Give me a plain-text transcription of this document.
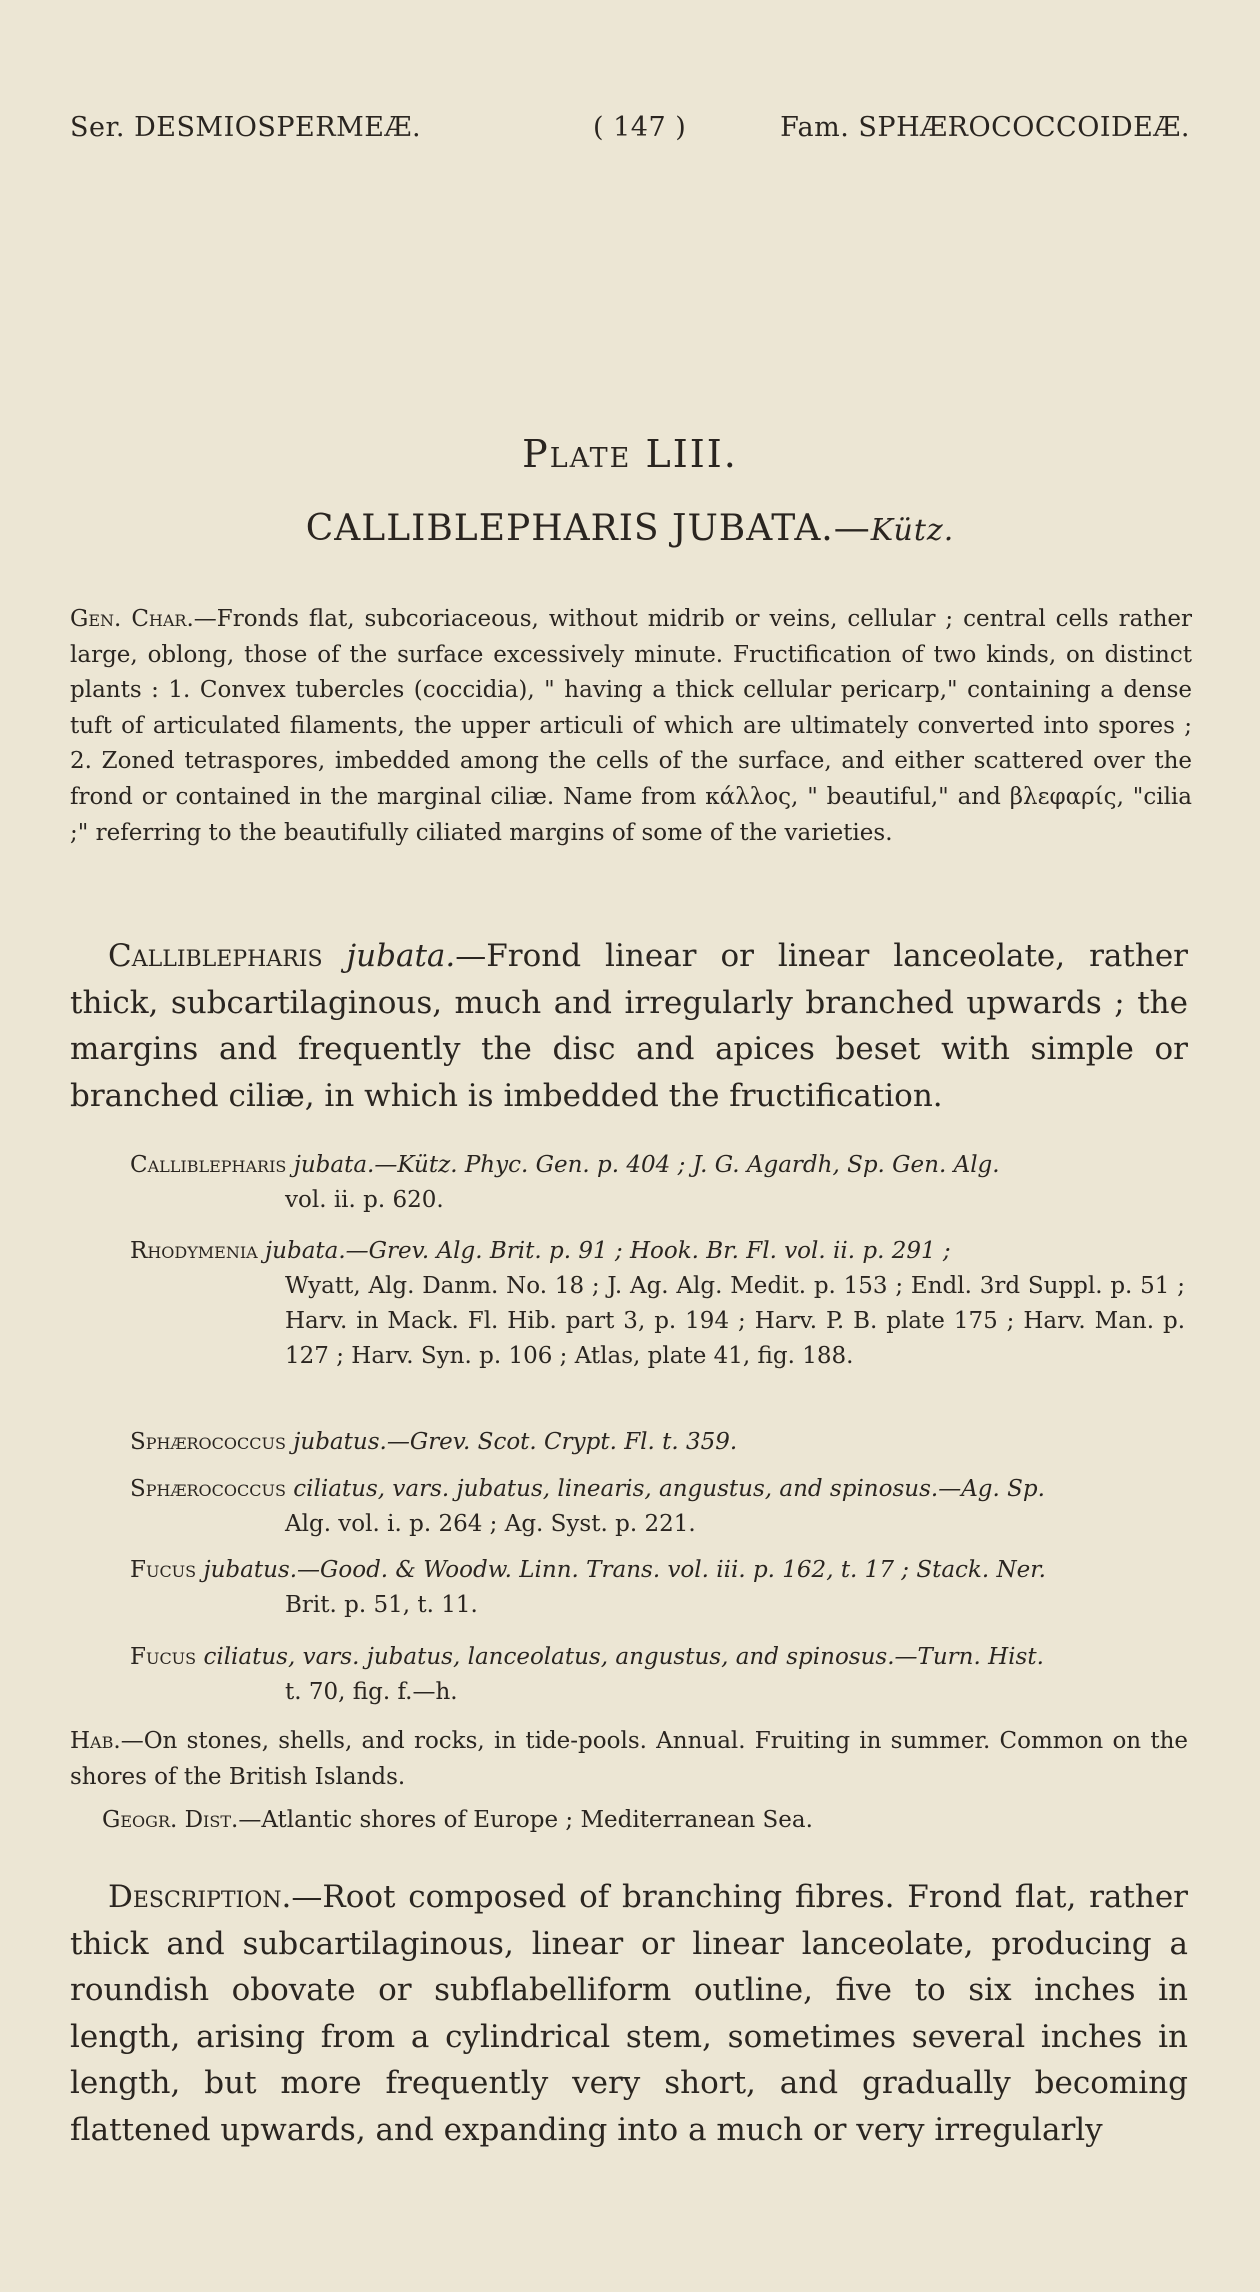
Ser. DESMIOSPERMEÆ.	( 147 )	Fam. SPHÆROCOCCOIDEÆ.
Plate LIII.
CALLIBLEPHARIS JUBATA.—Kütz.
Gen. Char.—Fronds flat, subcoriaceous, without midrib or veins, cellular ; central cells rather large, oblong, those of the surface excessively minute. Fructification of two kinds, on distinct plants : 1. Convex tubercles (coccidia), " having a thick cellular pericarp," containing a dense tuft of articulated filaments, the upper articuli of which are ultimately converted into spores ; 2. Zoned tetraspores, imbedded among the cells of the surface, and either scattered over the frond or contained in the marginal ciliæ. Name from κάλλος, " beautiful," and βλεφαρίς, "cilia ;" referring to the beautifully ciliated margins of some of the varieties.
Calliblepharis jubata.—Frond linear or linear lanceolate, rather thick, subcartilaginous, much and irregularly branched upwards ; the margins and frequently the disc and apices beset with simple or branched ciliæ, in which is imbedded the fructification.
Calliblepharis jubata.—Kütz. Phyc. Gen. p. 404 ; J. G. Agardh, Sp. Gen. Alg.
vol. ii. p. 620.
Rhodymenia jubata.—Grev. Alg. Brit. p. 91 ; Hook. Br. Fl. vol. ii. p. 291 ;
Wyatt, Alg. Danm. No. 18 ; J. Ag. Alg. Medit. p. 153 ; Endl. 3rd Suppl. p. 51 ; Harv. in Mack. Fl. Hib. part 3, p. 194 ; Harv. P. B. plate 175 ; Harv. Man. p. 127 ; Harv. Syn. p. 106 ; Atlas, plate 41, fig. 188.
Sphærococcus jubatus.—Grev. Scot. Crypt. Fl. t. 359.
Sphærococcus ciliatus, vars. jubatus, linearis, angustus, and spinosus.—Ag. Sp.
Alg. vol. i. p. 264 ; Ag. Syst. p. 221.
Fucus jubatus.—Good. & Woodw. Linn. Trans. vol. iii. p. 162, t. 17 ; Stack. Ner.
Brit. p. 51, t. 11.
Fucus ciliatus, vars. jubatus, lanceolatus, angustus, and spinosus.—Turn. Hist.
t. 70, fig. f.—h.
Hab.—On stones, shells, and rocks, in tide-pools. Annual. Fruiting in summer. Common on the shores of the British Islands.
Geogr. Dist.—Atlantic shores of Europe ; Mediterranean Sea.
Description.—Root composed of branching fibres. Frond flat, rather thick and subcartilaginous, linear or linear lanceolate, producing a roundish obovate or subflabelliform outline, five to six inches in length, arising from a cylindrical stem, sometimes several inches in length, but more frequently very short, and gradually becoming flattened upwards, and expanding into a much or very irregularly
